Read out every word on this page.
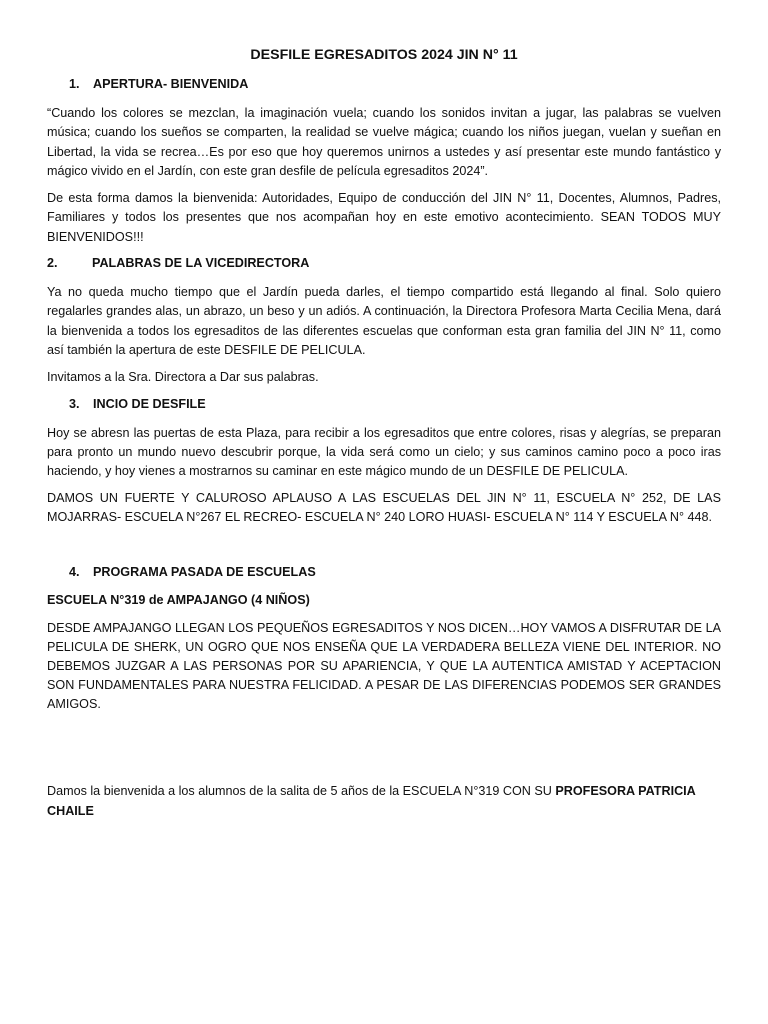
DESFILE EGRESADITOS 2024 JIN N° 11
1.	APERTURA- BIENVENIDA

“Cuando los colores se mezclan, la imaginación vuela; cuando los sonidos invitan a jugar, las palabras se vuelven música; cuando los sueños se comparten, la realidad se vuelve mágica; cuando los niños juegan, vuelan y sueñan en Libertad, la vida se recrea…Es por eso que hoy queremos unirnos a ustedes y así presentar este mundo fantástico y mágico vivido en el Jardín, con este gran desfile de película egresaditos 2024”.

De esta forma damos la bienvenida: Autoridades, Equipo de conducción del JIN N° 11, Docentes, Alumnos, Padres, Familiares y todos los presentes que nos acompañan hoy en este emotivo acontecimiento. SEAN TODOS MUY BIENVENIDOS!!!

2.	PALABRAS DE LA VICEDIRECTORA

Ya no queda mucho tiempo que el Jardín pueda darles, el tiempo compartido está llegando al final. Solo quiero regalarles grandes alas, un abrazo, un beso y un adiós. A continuación, la Directora Profesora Marta Cecilia Mena, dará la bienvenida a todos los egresaditos de las diferentes escuelas que conforman esta gran familia del JIN N° 11, como así también la apertura de este DESFILE DE PELICULA.

Invitamos a la Sra. Directora a Dar sus palabras.

3.	INCIO DE DESFILE

Hoy se abresn las puertas de esta Plaza, para recibir a los egresaditos que entre colores, risas y alegrías, se preparan para pronto un mundo nuevo descubrir porque, la vida será como un cielo; y sus caminos camino poco a poco iras haciendo, y hoy vienes a mostrarnos su caminar en este mágico mundo de un DESFILE DE PELICULA.

DAMOS UN FUERTE Y CALUROSO APLAUSO A LAS ESCUELAS DEL JIN N° 11, ESCUELA N° 252, DE LAS MOJARRAS- ESCUELA N°267 EL RECREO- ESCUELA N° 240 LORO HUASI- ESCUELA N° 114 Y ESCUELA N° 448.

4.	PROGRAMA PASADA DE ESCUELAS
ESCUELA N°319 de AMPAJANGO (4 NIÑOS)

DESDE AMPAJANGO LLEGAN LOS PEQUEÑOS EGRESADITOS Y NOS DICEN…HOY VAMOS A DISFRUTAR DE LA PELICULA DE SHERK, UN OGRO QUE NOS ENSEÑA QUE LA VERDADERA BELLEZA VIENE DEL INTERIOR. NO DEBEMOS JUZGAR A LAS PERSONAS POR SU APARIENCIA, Y QUE LA AUTENTICA AMISTAD Y ACEPTACION SON FUNDAMENTALES PARA NUESTRA FELICIDAD. A PESAR DE LAS DIFERENCIAS PODEMOS SER GRANDES AMIGOS.

Damos la bienvenida a los alumnos de la salita de 5 años de la ESCUELA N°319 CON SU PROFESORA PATRICIA CHAILE
